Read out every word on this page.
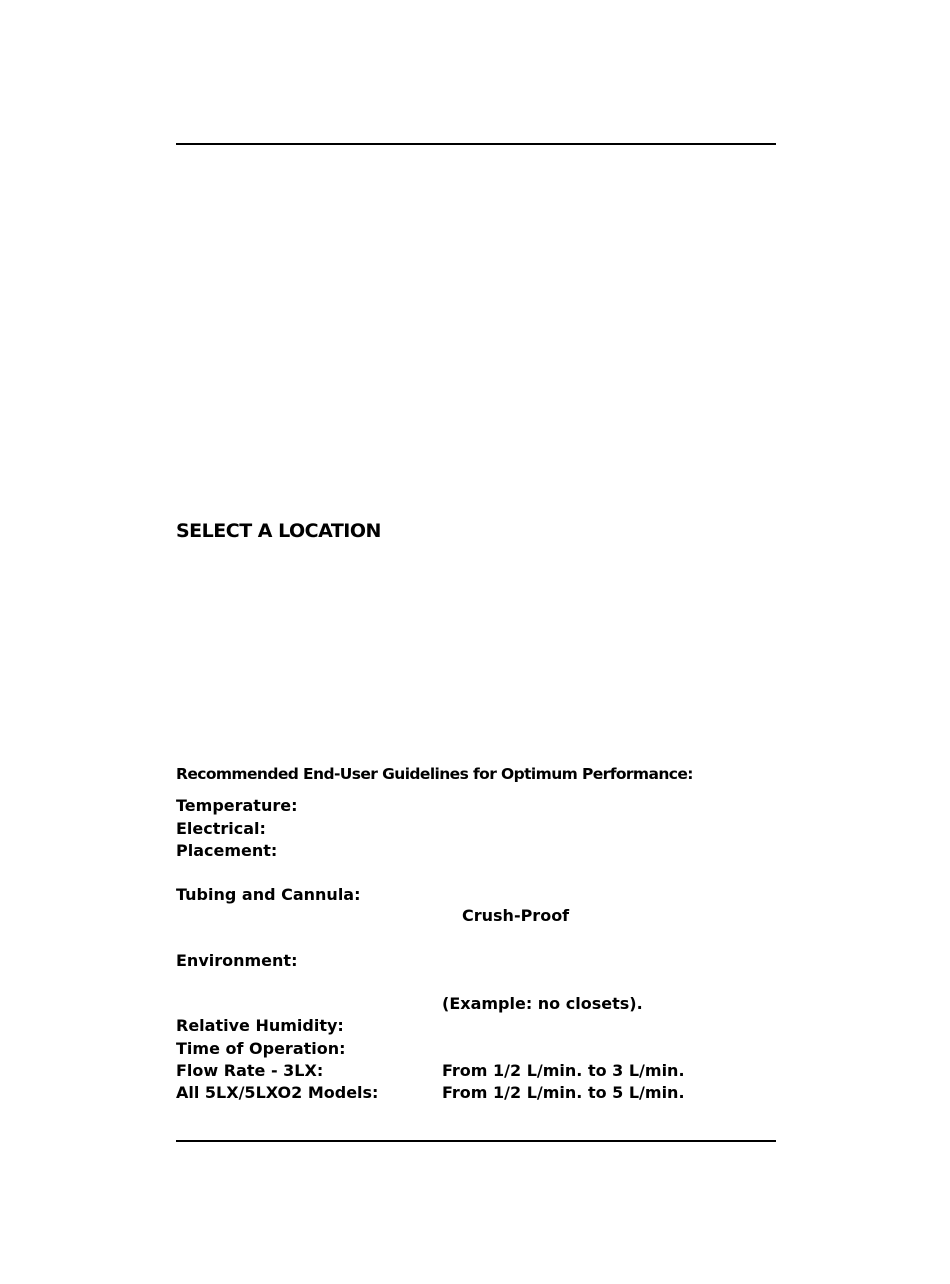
SELECT A LOCATION
Recommended End-User Guidelines for Optimum Performance:
Temperature:
Electrical:
Placement:
Tubing and Cannula:
Crush-Proof
Environment:
(Example: no closets).
Relative Humidity:
Time of Operation:
Flow Rate - 3LX:	From 1/2 L/min. to 3 L/min.
All 5LX/5LXO2 Models:	From 1/2 L/min. to 5 L/min.
